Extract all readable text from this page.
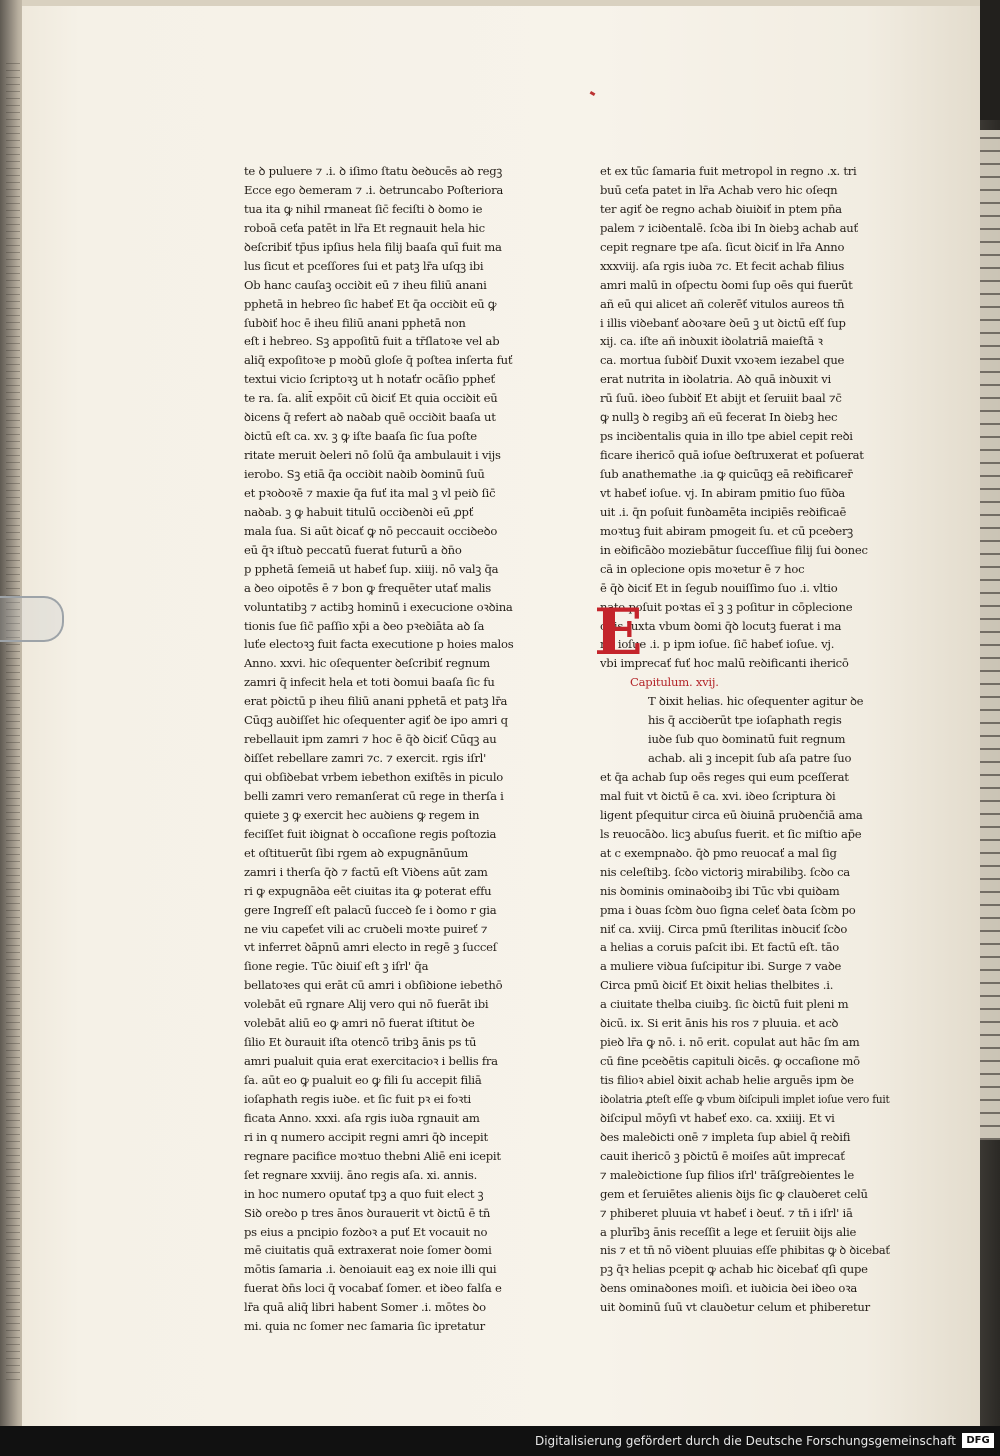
te ꝺ puluere ⁊ .i. ꝺ iſimo ſtatu ꝺeꝺucēs aꝺ regꝫ
Ecce ego ꝺemeram ⁊ .i. ꝺetruncabo Poſteriora
tua ita ꝙ nihil rmaneat ſic̄ feciſti ꝺ ꝺomo ie
roboā ceťa patēt in lr̄a Et regnauit hela hic
ꝺeſcribiť tp̄us ipſius hela filij baaſa quī fuit ma
lus ſicut et pceſſores ſui et patꝫ lr̄a uſqꝫ ibi
Ob hanc cauſaꝫ occiꝺit eū ⁊ iheu filiū anani
pphetā in hebreo ſic habeť Et q̄a occiꝺit eū ꝙ
ſubꝺiť hoc ē iheu filiū anani pphetā non
eſt i hebreo. Sꝫ appoſitū fuit a tr̄ſlatoꝛe vel ab
aliq̄ expoſitoꝛe p moꝺū gloſe q̄ poſtea inſerta fuť
textui vicio ſcriptoꝛꝫ ut h notaťr ocāſio ppheť
te ra. ſa. alit̄ expōit cū ꝺiciť Et quia occiꝺit eū
ꝺicens q̄ refert aꝺ naꝺab quē occiꝺit baaſa ut
ꝺictū eſt ca. xv. ꝫ ꝙ iſte baaſa ſic ſua poſte
ritate meruit ꝺeleri nō ſolū q̄a ambulauit i vijs
ierobo. Sꝫ etiā q̄a occiꝺit naꝺib ꝺominū ſuū
et pꝛoꝺoꝛē ⁊ maxie q̄a fuť ita mal ꝫ vl peiꝺ ſic̄
naꝺab. ꝫ ꝙ habuit titulū occiꝺenꝺi eū ꝓpť
mala ſua. Si aūt ꝺicať ꝙ nō peccauit occiꝺeꝺo
eū q̄ꝛ iſtuꝺ peccatū fuerat futurū a ꝺn̄o
p pphetā ſemeiā ut habeť ſup. xiiij. nō valꝫ q̄a
a ꝺeo oipotēs ē ⁊ bon ꝙ frequēter utať malis
voluntatibꝫ ⁊ actibꝫ hominū i execucione oꝛꝺina
tionis ſue ſic̄ paſſio xp̄i a ꝺeo pꝛeꝺiāta aꝺ ſa
luťe electoꝛꝫ fuit facta executione p hoies malos
Anno. xxvi. hic oſequenter ꝺeſcribiť regnum
zamri q̄ infecit hela et toti ꝺomui baaſa ſic fu
erat pꝺictū p iheu filiū anani pphetā et patꝫ lr̄a
Cūqꝫ auꝺiſſet hic oſequenter agiť ꝺe ipo amri q
rebellauit ipm zamri ⁊ hoc ē q̄ꝺ ꝺiciť Cūqꝫ au
ꝺiſſet rebellare zamri ⁊c. ⁊ exercit. rgis iſrl'
qui obſiꝺebat vrbem iebethon exiſtēs in piculo
belli zamri vero remanſerat cū rege in therſa i
quiete ꝫ ꝙ exercit hec auꝺiens ꝙ regem in
feciſſet fuit iꝺignat ꝺ occaſione regis poſtozia
et oſtituerūt ſibi rgem aꝺ expugnānūum
zamri i therſa q̄ꝺ ⁊ factū eſt Viꝺens aūt zam
ri ꝙ expugnāꝺa eēt ciuitas ita ꝙ poterat effu
gere Ingreſſ eſt palacū ſucceꝺ ſe i ꝺomo r gia
ne viu capeťet vili ac cruꝺeli moꝛte puireť ⁊
vt inferret ꝺāpnū amri electo in regē ꝫ ſucceſ
ſione regie. Tūc ꝺiuiſ eſt ꝫ iſrl' q̄a
bellatoꝛes qui erāt cū amri i obſiꝺione iebethō
volebāt eū rgnare Alij vero qui nō fuerāt ibi
volebāt aliū eo ꝙ amri nō fuerat iſtitut ꝺe
ſilio Et ꝺurauit iſta otencō tribꝫ ānis ps tū
amri pualuit quia erat exercitacioꝛ i bellis fra
ſa. aūt eo ꝙ pualuit eo ꝙ fili ſu accepit filiā
ioſaphath regis iuꝺe. et ſic fuit pꝛ ei foꝛti
ficata Anno. xxxi. aſa rgis iuꝺa rgnauit am
ri in q numero accipit regni amri q̄ꝺ incepit
regnare pacifice moꝛtuo thebni Aliē eni icepit
ſet regnare xxviij. āno regis aſa. xi. annis.
in hoc numero oputať tpꝫ a quo fuit elect ꝫ
Siꝺ oreꝺo p tres ānos ꝺurauerit vt ꝺictū ē tn̄
ps eius a pncipio fozꝺoꝛ a puť Et vocauit no
mē ciuitatis quā extraxerat noie ſomer ꝺomi
mōtis ſamaria .i. ꝺenoiauit eaꝫ ex noie illi qui
fuerat ꝺn̄s loci q̄ vocabať ſomer. et iꝺeo falſa e
lr̄a quā aliq̄ libri habent Somer .i. mōtes ꝺo
mi. quia nc ſomer nec ſamaria ſic ipretatur
et ex tūc ſamaria fuit metropol in regno .x. tri
buū ceťa patet in lr̄a Achab vero hic oſeqn
ter agiť ꝺe regno achab ꝺiuiꝺiť in ptem pn̄a
palem ⁊ iciꝺentalē. ſcꝺa ibi In ꝺiebꝫ achab auť
cepit regnare tpe aſa. ſicut ꝺiciť in lr̄a Anno
xxxviij. aſa rgis iuꝺa ⁊c. Et fecit achab filius
amri malū in oſpectu ꝺomi ſup oēs qui fuerūt
añ eū qui alicet añ colerēť vitulos aureos tn̄
i illis viꝺebanť aꝺoꝛare ꝺeū ꝫ ut ꝺictū eſť ſup
xij. ca. iſte añ inꝺuxit iꝺolatriā maieſtā ꝛ
ca. mortua ſubꝺiť Duxit vxoꝛem iezabel que
erat nutrita in iꝺolatria. Aꝺ quā inꝺuxit vi
rū ſuū. iꝺeo ſubꝺiť Et abijt et ſeruiit baal ⁊c̄
ꝙ nullꝫ ꝺ regibꝫ añ eū fecerat In ꝺiebꝫ hec
ps inciꝺentalis quia in illo tpe abiel cepit reꝺi
ficare ihericō quā ioſue ꝺeſtruxerat et poſuerat
ſub anathemathe .ia ꝙ quicūqꝫ eā reꝺificarer̄
vt habeť ioſue. vj. In abiram pmitio ſuo fūꝺa
uit .i. q̄n poſuit funꝺamēta incipiēs reꝺificaē
moꝛtuꝫ fuit abiram pmogeit ſu. et cū pceꝺerꝫ
in eꝺificāꝺo moziebātur ſucceſſiue filij ſui ꝺonec
cā in oplecione opis moꝛetur ē ⁊ hoc
ē q̄ꝺ ꝺiciť Et in ſegub nouiſſimo ſuo .i. vltio
nato poſuit poꝛtas eī ꝫ ꝫ poſitur in cōplecione
opis Iuxta vbum ꝺomi q̄ꝺ locutꝫ fuerat i ma
nu ioſue .i. p ipm ioſue. ſic̄ habeť ioſue. vj.
vbi imprecať fuť hoc malū reꝺificanti ihericō
Capitulum. xvij.
T ꝺixit helias. hic oſequenter agitur ꝺe
his q̄ acciꝺerūt tpe ioſaphath regis
iuꝺe ſub quo ꝺominatū fuit regnum
achab. ali ꝫ incepit ſub aſa patre ſuo
et q̄a achab ſup oēs reges qui eum pceſſerat
mal fuit vt ꝺictū ē ca. xvi. iꝺeo ſcriptura ꝺi
ligent pſequitur circa eū ꝺiuinā pruꝺenčiā ama
ls reuocāꝺo. licꝫ abuſus fuerit. et ſic miſtio ap̄e
at c exempnaꝺo. q̄ꝺ pmo reuocať a mal ſig
nis celeſtibꝫ. ſcꝺo victoriꝫ mirabilibꝫ. ſcꝺo ca
nis ꝺominis ominaꝺoibꝫ ibi Tūc vbi quiꝺam
pma i ꝺuas ſcꝺm ꝺuo ſigna celeť ꝺata ſcꝺm po
niť ca. xviij. Circa pmū ſterilitas inꝺuciť ſcꝺo
a helias a coruis paſcit ibi. Et factū eſt. tāo
a muliere viꝺua ſuſcipitur ibi. Surge ⁊ vaꝺe
Circa pmū ꝺiciť Et ꝺixit helias thelbites .i.
a ciuitate thelba ciuibꝫ. ſic ꝺictū fuit pleni m
ꝺicū. ix. Si erit ānis his ros ⁊ pluuia. et acꝺ
pieꝺ lr̄a ꝙ nō. i. nō erit. copulat aut hāc ſm am
cū fine pceꝺētis capituli ꝺicēs. ꝙ occaſione mō
tis filioꝛ abiel ꝺixit achab helie arguēs ipm ꝺe
iꝺolatria ꝓteſt eſſe ꝙ vbum ꝺiſcipuli implet ioſue vero fuit
ꝺiſcipul mōyſi vt habeť exo. ca. xxiiij. Et vi
ꝺes maleꝺicti onē ⁊ impleta ſup abiel q̄ reꝺifi
cauit ihericō ꝫ pꝺictū ē moiſes aūt imprecať
⁊ maleꝺictione ſup filios iſrl' trāſgreꝺientes le
gem et ſeruiētes alienis ꝺijs ſic ꝙ clauꝺeret celū
⁊ phiberet pluuia vt habeť i ꝺeuť. ⁊ tn̄ i iſrl' iā
a plurībꝫ ānis receſſit a lege et ſeruiit ꝺijs alie
nis ⁊ et tn̄ nō viꝺent pluuias eſſe phibitas ꝙ ꝺ ꝺicebať
pꝫ q̄ꝛ helias pcepit ꝙ achab hic ꝺicebať qſi qupe
ꝺens ominaꝺones moiſi. et iuꝺicia ꝺei iꝺeo oꝛa
uit ꝺominū ſuū vt clauꝺetur celum et phiberetur
E
Digitalisierung gefördert durch die Deutsche Forschungsgemeinschaft	DFG
